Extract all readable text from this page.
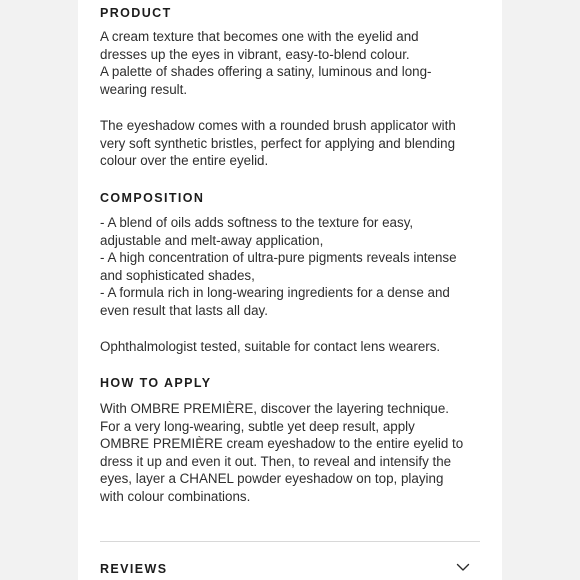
PRODUCT

A cream texture that becomes one with the eyelid and

dresses up the eyes in vibrant, easy-to-blend colour.

A palette of shades offering a satiny, luminous and long-

wearing result.

The eyeshadow comes with a rounded brush applicator with

very soft synthetic bristles, perfect for applying and blending

colour over the entire eyelid.

COMPOSITION

- A blend of oils adds softness to the texture for easy,

adjustable and melt-away application,

- A high concentration of ultra-pure pigments reveals intense

and sophisticated shades,

- A formula rich in long-wearing ingredients for a dense and

even result that lasts all day.

Ophthalmologist tested, suitable for contact lens wearers.

HOW TO APPLY

With OMBRE PREMIÈRE, discover the layering technique.

For a very long-wearing, subtle yet deep result, apply

OMBRE PREMIÈRE cream eyeshadow to the entire eyelid to

dress it up and even it out. Then, to reveal and intensify the

eyes, layer a CHANEL powder eyeshadow on top, playing

with colour combinations.

REVIEWS
